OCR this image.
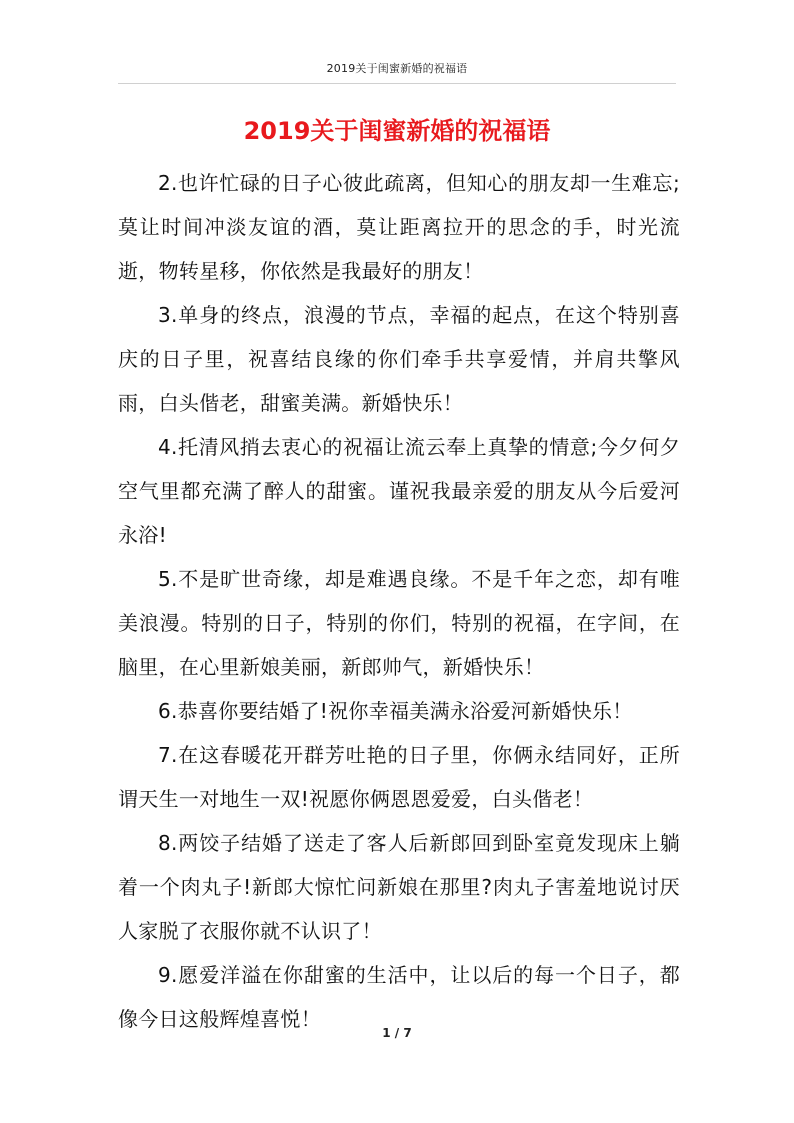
2019关于闺蜜新婚的祝福语
2019关于闺蜜新婚的祝福语

2.也许忙碌的日子心彼此疏离，但知心的朋友却一生难忘;莫让时间冲淡友谊的酒，莫让距离拉开的思念的手，时光流逝，物转星移，你依然是我最好的朋友！

3.单身的终点，浪漫的节点，幸福的起点，在这个特别喜庆的日子里，祝喜结良缘的你们牵手共享爱情，并肩共擎风雨，白头偕老，甜蜜美满。新婚快乐！

4.托清风捎去衷心的祝福让流云奉上真挚的情意;今夕何夕空气里都充满了醉人的甜蜜。谨祝我最亲爱的朋友从今后爱河永浴!

5.不是旷世奇缘，却是难遇良缘。不是千年之恋，却有唯美浪漫。特别的日子，特别的你们，特别的祝福，在字间，在脑里，在心里新娘美丽，新郎帅气，新婚快乐！

6.恭喜你要结婚了!祝你幸福美满永浴爱河新婚快乐！

7.在这春暖花开群芳吐艳的日子里，你俩永结同好，正所谓天生一对地生一双!祝愿你俩恩恩爱爱，白头偕老！

8.两饺子结婚了送走了客人后新郎回到卧室竟发现床上躺着一个肉丸子!新郎大惊忙问新娘在那里?肉丸子害羞地说讨厌人家脱了衣服你就不认识了！

9.愿爱洋溢在你甜蜜的生活中，让以后的每一个日子，都像今日这般辉煌喜悦！

1 / 7
